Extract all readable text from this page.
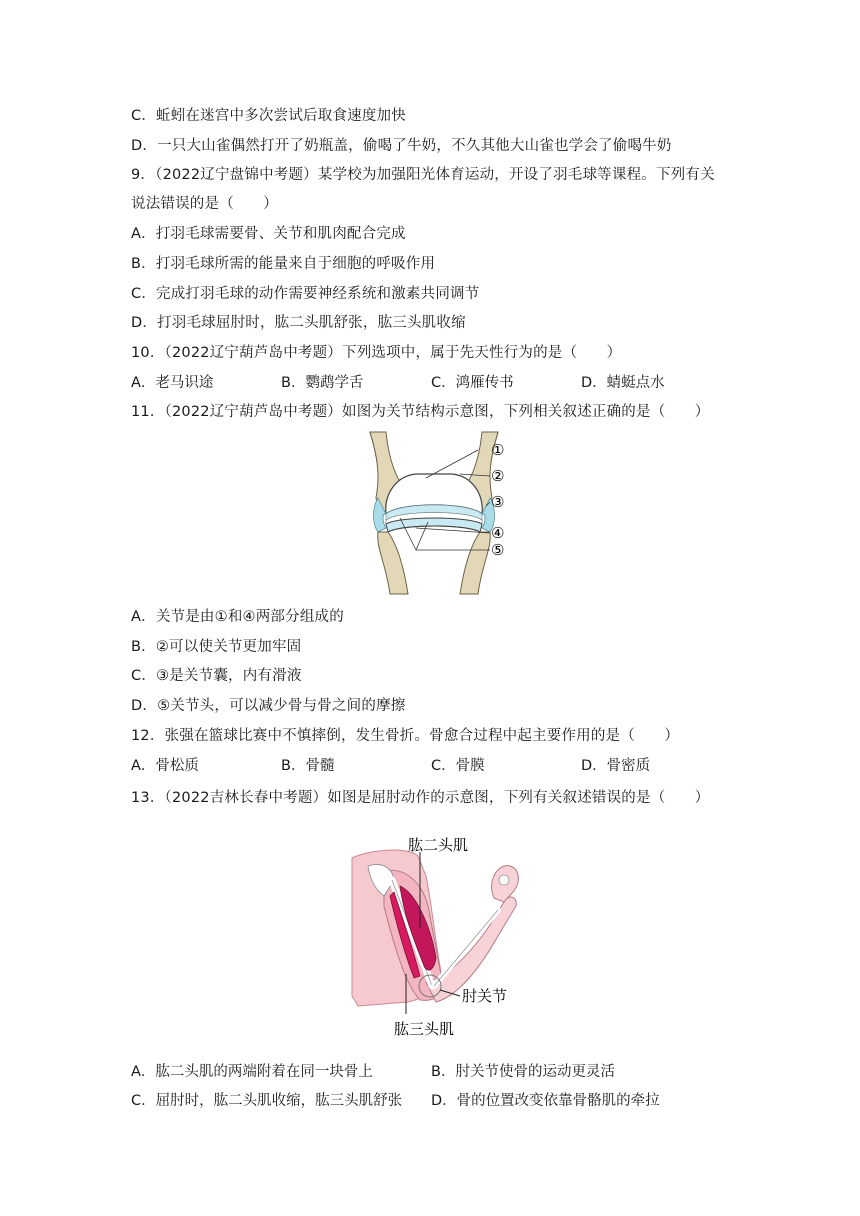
C．蚯蚓在迷宫中多次尝试后取食速度加快
D．一只大山雀偶然打开了奶瓶盖，偷喝了牛奶，不久其他大山雀也学会了偷喝牛奶
9．（2022辽宁盘锦中考题）某学校为加强阳光体育运动，开设了羽毛球等课程。下列有关
说法错误的是（　　）
A．打羽毛球需要骨、关节和肌肉配合完成
B．打羽毛球所需的能量来自于细胞的呼吸作用
C．完成打羽毛球的动作需要神经系统和激素共同调节
D．打羽毛球屈肘时，肱二头肌舒张，肱三头肌收缩
10．（2022辽宁葫芦岛中考题）下列选项中，属于先天性行为的是（　　）
A．老马识途	B．鹦鹉学舌	C．鸿雁传书	D．蜻蜓点水
11．（2022辽宁葫芦岛中考题）如图为关节结构示意图，下列相关叙述正确的是（　　）
①
②
③
④
⑤
A．关节是由①和④两部分组成的
B．②可以使关节更加牢固
C．③是关节囊，内有滑液
D．⑤关节头，可以减少骨与骨之间的摩擦
12．张强在篮球比赛中不慎摔倒，发生骨折。骨愈合过程中起主要作用的是（　　）
A．骨松质	B．骨髓	C．骨膜	D．骨密质
13．（2022吉林长春中考题）如图是屈肘动作的示意图，下列有关叙述错误的是（　　）
肱二头肌
肘关节
肱三头肌
A．肱二头肌的两端附着在同一块骨上	B．肘关节使骨的运动更灵活
C．屈肘时，肱二头肌收缩，肱三头肌舒张 D．骨的位置改变依靠骨骼肌的牵拉
